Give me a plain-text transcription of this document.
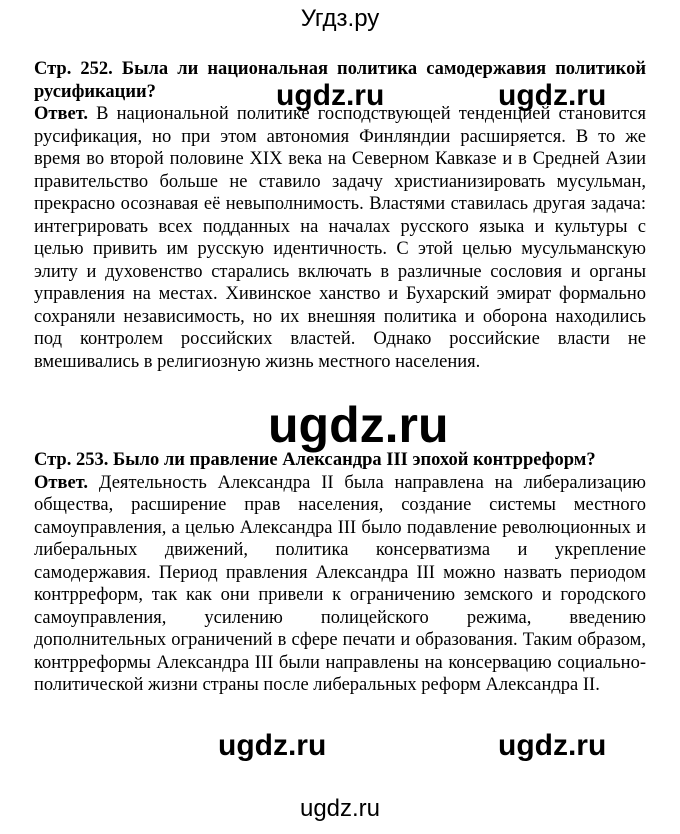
Угдз.ру

Стр. 252. Была ли национальная политика самодержавия политикой русификации?

Ответ. В национальной политике господствующей тенденцией становится русификация, но при этом автономия Финляндии расширяется. В то же время во второй половине XIX века на Северном Кавказе и в Средней Азии правительство больше не ставило задачу христианизировать мусульман, прекрасно осознавая её невыполнимость. Властями ставилась другая задача: интегрировать всех подданных на началах русского языка и культуры с целью привить им русскую идентичность. С этой целью мусульманскую элиту и духовенство старались включать в различные сословия и органы управления на местах. Хивинское ханство и Бухарский эмират формально сохраняли независимость, но их внешняя политика и оборона находились под контролем российских властей. Однако российские власти не вмешивались в религиозную жизнь местного населения.

Стр. 253. Было ли правление Александра III эпохой контрреформ?

Ответ. Деятельность Александра II была направлена на либерализацию общества, расширение прав населения, создание системы местного самоуправления, а целью Александра III было подавление революционных и либеральных движений, политика консерватизма и укрепление самодержавия. Период правления Александра III можно назвать периодом контрреформ, так как они привели к ограничению земского и городского самоуправления, усилению полицейского режима, введению дополнительных ограничений в сфере печати и образования. Таким образом, контрреформы Александра III были направлены на консервацию социально-политической жизни страны после либеральных реформ Александра II.

ugdz.ru	ugdz.ru
ugdz.ru
ugdz.ru	ugdz.ru
ugdz.ru
